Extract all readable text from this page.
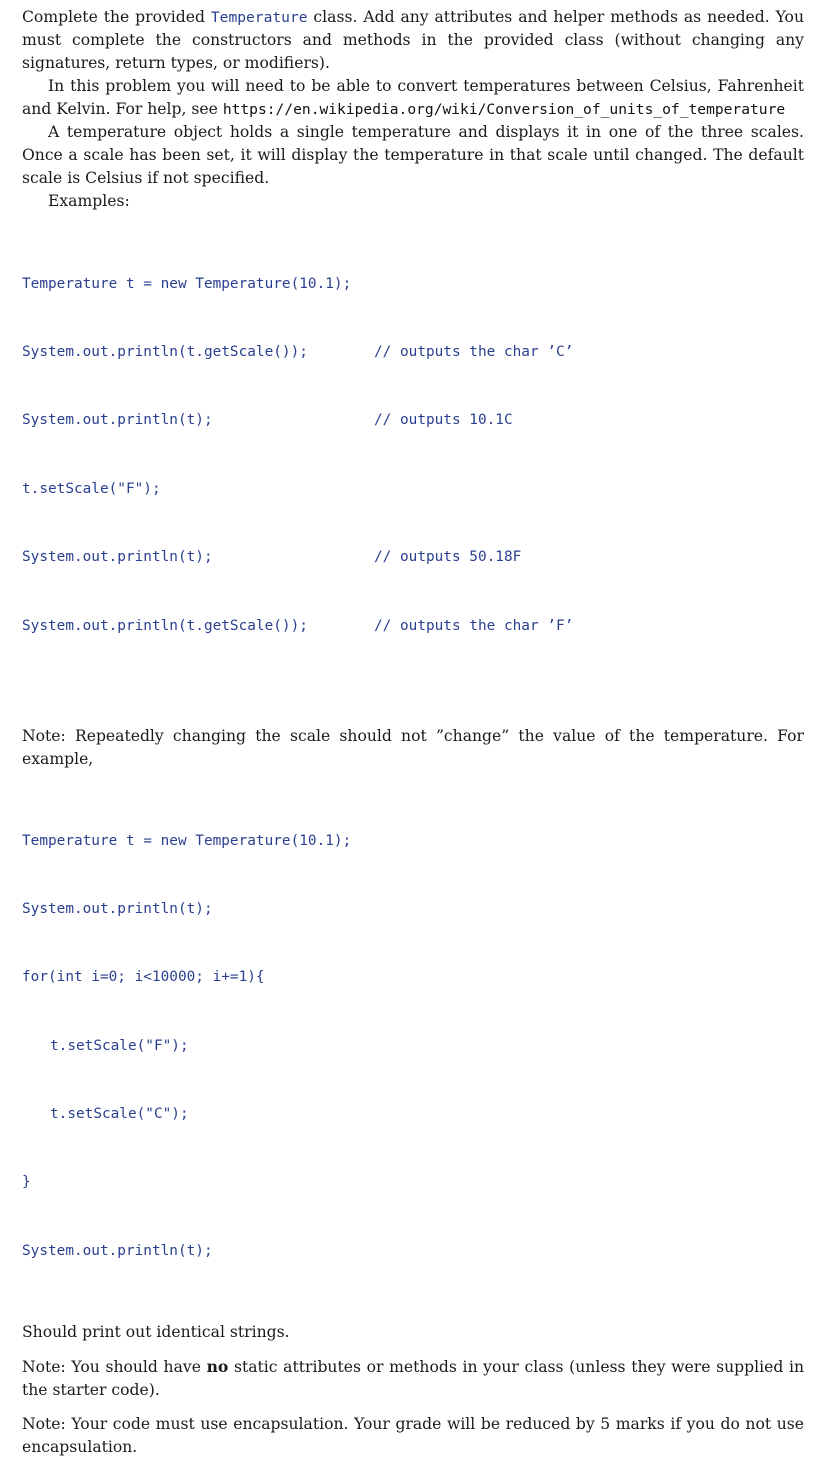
Complete the provided Temperature class. Add any attributes and helper methods as needed. You must complete the constructors and methods in the provided class (without changing any signatures, return types, or modifiers).

In this problem you will need to be able to convert temperatures between Celsius, Fahrenheit and Kelvin. For help, see https://en.wikipedia.org/wiki/Conversion_of_units_of_temperature

A temperature object holds a single temperature and displays it in one of the three scales. Once a scale has been set, it will display the temperature in that scale until changed. The default scale is Celsius if not specified.

Examples:

Temperature t = new Temperature(10.1);

System.out.println(t.getScale());	// outputs the char ’C’

System.out.println(t);	// outputs 10.1C

t.setScale("F");

System.out.println(t);	// outputs 50.18F

System.out.println(t.getScale());	// outputs the char ’F’

Note: Repeatedly changing the scale should not ”change” the value of the temperature. For example,

Temperature t = new Temperature(10.1);

System.out.println(t);

for(int i=0; i<10000; i+=1){

t.setScale("F");

t.setScale("C");

}

System.out.println(t);

Should print out identical strings.

Note: You should have no static attributes or methods in your class (unless they were supplied in the starter code).

Note: Your code must use encapsulation. Your grade will be reduced by 5 marks if you do not use encapsulation.
